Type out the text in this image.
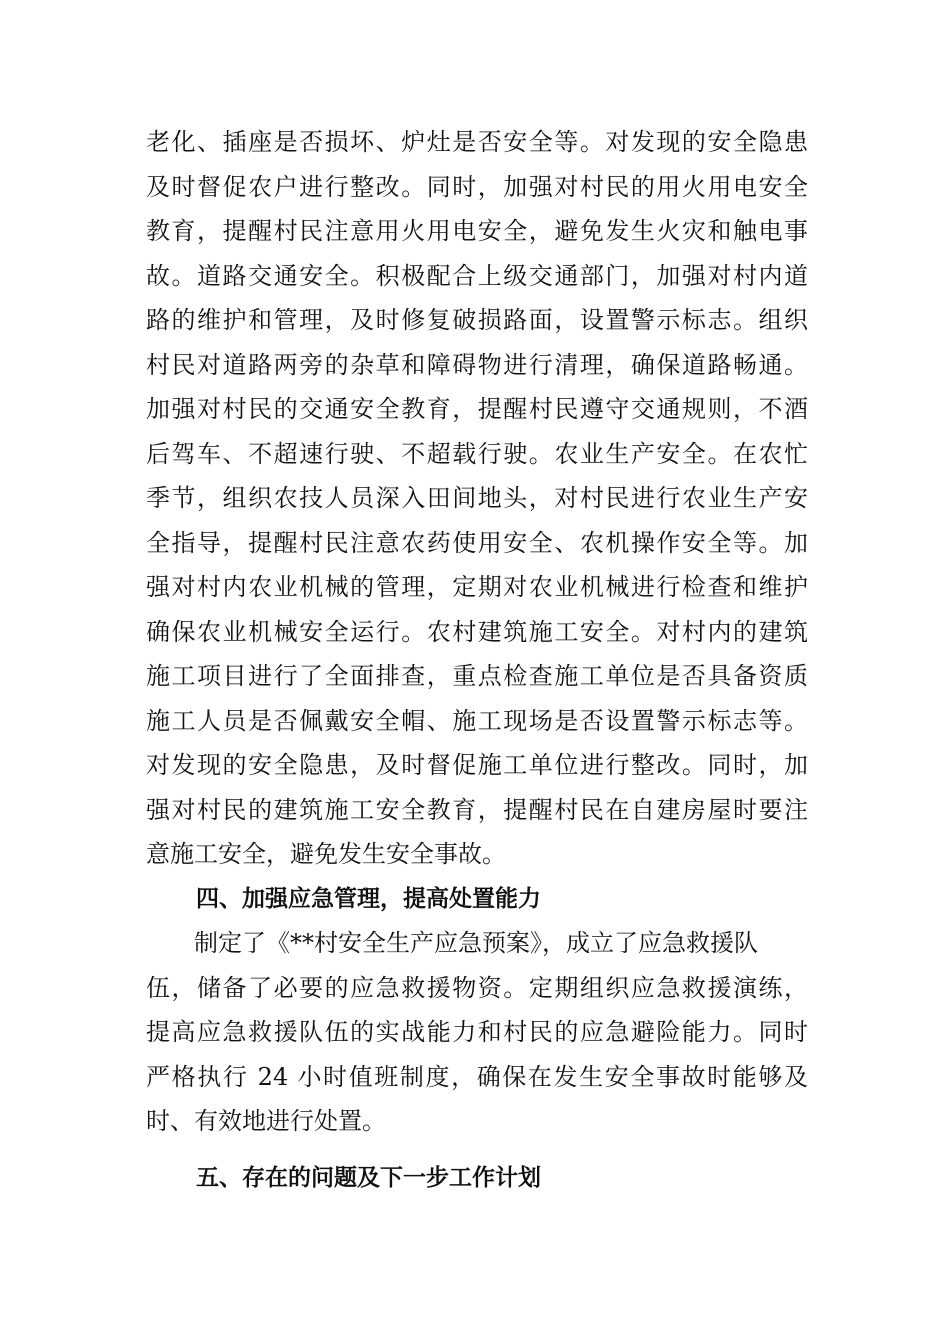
老化、插座是否损坏、炉灶是否安全等。对发现的安全隐患
及时督促农户进行整改。同时，加强对村民的用火用电安全
教育，提醒村民注意用火用电安全，避免发生火灾和触电事
故。道路交通安全。积极配合上级交通部门，加强对村内道
路的维护和管理，及时修复破损路面，设置警示标志。组织
村民对道路两旁的杂草和障碍物进行清理，确保道路畅通。
加强对村民的交通安全教育，提醒村民遵守交通规则，不酒
后驾车、不超速行驶、不超载行驶。农业生产安全。在农忙
季节，组织农技人员深入田间地头，对村民进行农业生产安
全指导，提醒村民注意农药使用安全、农机操作安全等。加
强对村内农业机械的管理，定期对农业机械进行检查和维护
确保农业机械安全运行。农村建筑施工安全。对村内的建筑
施工项目进行了全面排查，重点检查施工单位是否具备资质
施工人员是否佩戴安全帽、施工现场是否设置警示标志等。
对发现的安全隐患，及时督促施工单位进行整改。同时，加
强对村民的建筑施工安全教育，提醒村民在自建房屋时要注
意施工安全，避免发生安全事故。
四、加强应急管理，提高处置能力
制定了《**村安全生产应急预案》，成立了应急救援队
伍，储备了必要的应急救援物资。定期组织应急救援演练，
提高应急救援队伍的实战能力和村民的应急避险能力。同时
严格执行 24 小时值班制度，确保在发生安全事故时能够及
时、有效地进行处置。
五、存在的问题及下一步工作计划
